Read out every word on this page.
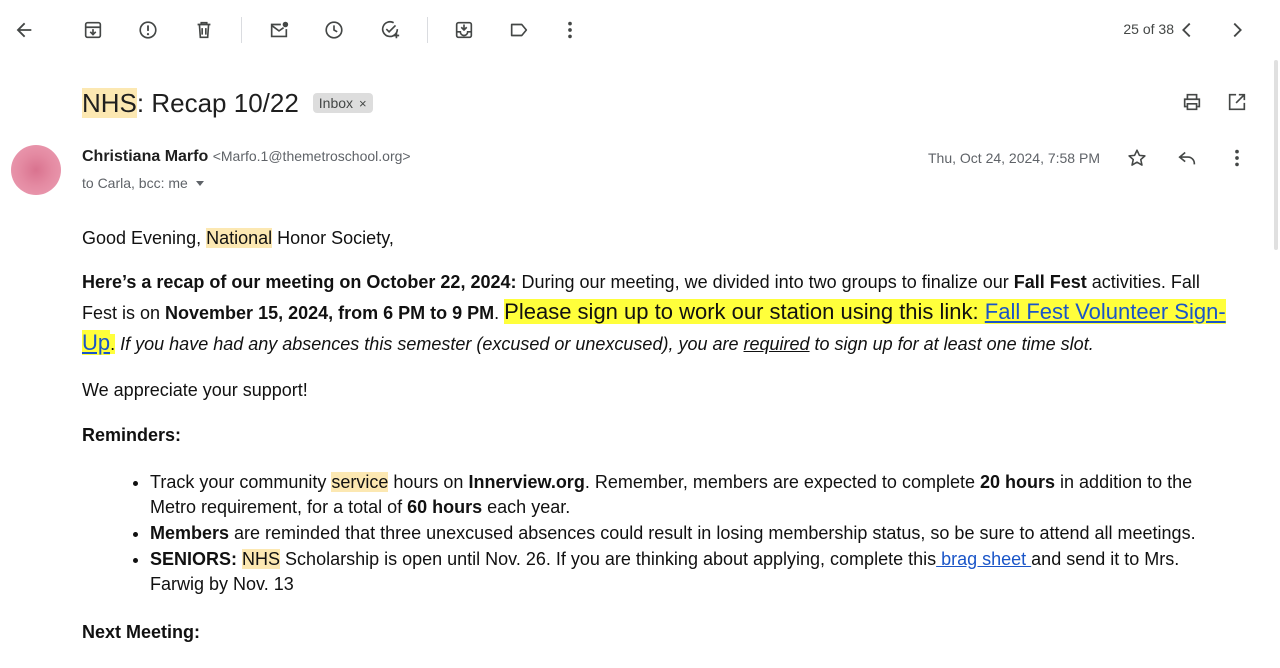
25 of 38
NHS: Recap 10/22 Inbox ×
Christiana Marfo <Marfo.1@themetroschool.org>
to Carla, bcc: me
Thu, Oct 24, 2024, 7:58 PM

Good Evening, National Honor Society,

Here’s a recap of our meeting on October 22, 2024: During our meeting, we divided into two groups to finalize our Fall Fest activities. Fall Fest is on November 15, 2024, from 6 PM to 9 PM. Please sign up to work our station using this link: Fall Fest Volunteer Sign-Up. If you have had any absences this semester (excused or unexcused), you are required to sign up for at least one time slot.

We appreciate your support!

Reminders:

• Track your community service hours on Innerview.org. Remember, members are expected to complete 20 hours in addition to the Metro requirement, for a total of 60 hours each year.
• Members are reminded that three unexcused absences could result in losing membership status, so be sure to attend all meetings.
• SENIORS: NHS Scholarship is open until Nov. 26. If you are thinking about applying, complete this brag sheet and send it to Mrs. Farwig by Nov. 13

Next Meeting:
